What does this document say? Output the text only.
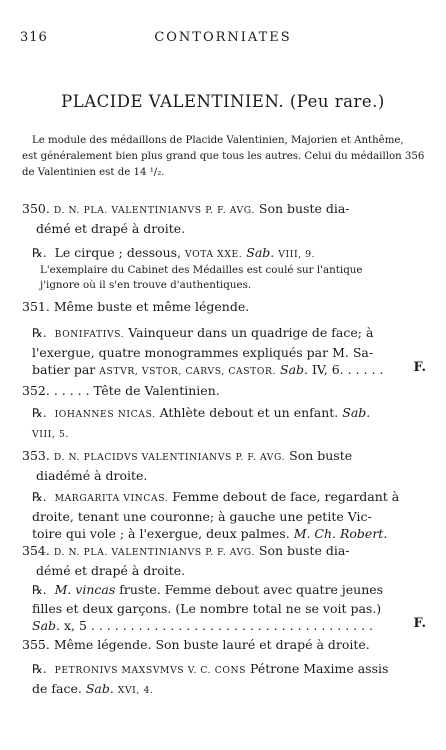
316	CONTORNIATES
PLACIDE VALENTINIEN. (Peu rare.)
Le module des médaillons de Placide Valentinien, Majorien et Anthême,
est généralement bien plus grand que tous les autres. Celui du médaillon 356
de Valentinien est de 14 ¹/₂.
350. D. N. PLA. VALENTINIANVS P. F. AVG. Son buste dia-
démé et drapé à droite.
℞. Le cirque ; dessous, VOTA XXE. Sab. VIII, 9.
L'exemplaire du Cabinet des Médailles est coulé sur l'antique
j'ignore où il s'en trouve d'authentiques.
351. Même buste et même légende.
℞. BONIFATIVS. Vainqueur dans un quadrige de face; à
l'exergue, quatre monogrammes expliqués par M. Sa-
batier par ASTVR, VSTOR, CARVS, CASTOR. Sab. IV, 6. . . . . .	F.
352. . . . . . Tête de Valentinien.
℞. IOHANNES NICAS. Athlète debout et un enfant. Sab.
VIII, 5.
353. D. N. PLACIDVS VALENTINIANVS P. F. AVG. Son buste
diadémé à droite.
℞. MARGARITA VINCAS. Femme debout de face, regardant à
droite, tenant une couronne; à gauche une petite Vic-
toire qui vole ; à l'exergue, deux palmes. M. Ch. Robert.
354. D. N. PLA. VALENTINIANVS P. F. AVG. Son buste dia-
démé et drapé à droite.
℞. M. vincas fruste. Femme debout avec quatre jeunes
filles et deux garçons. (Le nombre total ne se voit pas.)
Sab. x, 5 . . . . . . . . . . . . . . . . . . . . . . . . . . . . . . . . . . . .	F.
355. Même légende. Son buste lauré et drapé à droite.
℞. PETRONIVS MAXSVMVS V. C. CONS Pétrone Maxime assis
de face. Sab. XVI, 4.
